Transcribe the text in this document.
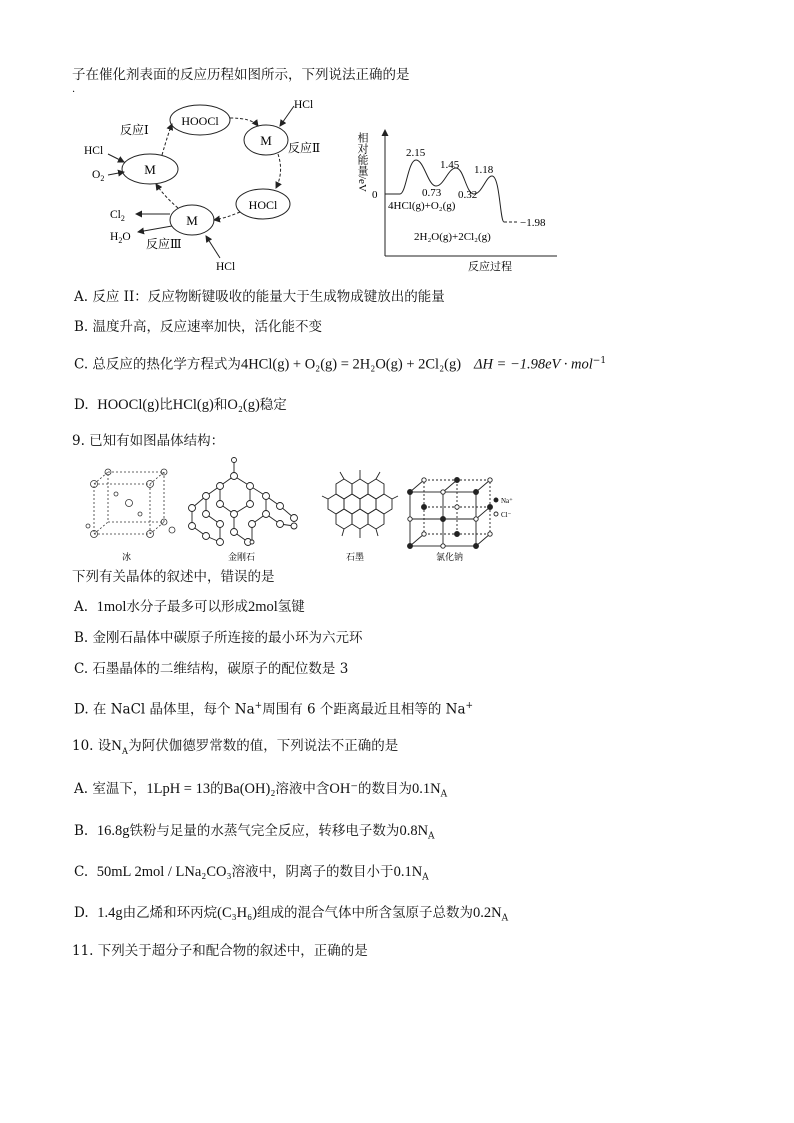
子在催化剂表面的反应历程如图所示，下列说法正确的是
·
M
HOOCl
M
HOCl
M
反应Ⅰ
反应Ⅱ
反应Ⅲ
HCl
$O_2$
HCl
$Cl_2$
$H_2O$
HCl
相对能量/eV
0
2.15
1.45 1.18
0.73 0.32
−1.98
4HCl(g)+O₂(g)
2H₂O(g)+2Cl₂(g)
反应过程
A. 反应 II：反应物断键吸收的能量大于生成物成键放出的能量
B. 温度升高，反应速率加快，活化能不变
C. 总反应的热化学方程式为4HCl(g) + O₂(g) = 2H₂O(g) + 2Cl₂(g) ΔH = −1.98eV · mol$^{-1}$
D. HOOCl(g)比HCl(g)和O₂(g)稳定
9. 已知有如图晶体结构：
Na⁺
Cl⁻
冰	金刚石	石墨	氯化钠
下列有关晶体的叙述中，错误的是
A. 1mol水分子最多可以形成2mol氢键
B. 金刚石晶体中碳原子所连接的最小环为六元环
C. 石墨晶体的二维结构，碳原子的配位数是 3
D. 在 NaCl 晶体里，每个 Na+周围有 6 个距离最近且相等的 Na+
10. 设$N_A$为阿伏伽德罗常数的值，下列说法不正确的是
A. 室温下，1LpH = 13的Ba(OH)₂溶液中含OH⁻的数目为$0.1N_A$
B. 16.8g铁粉与足量的水蒸气完全反应，转移电子数为$0.8N_A$
C. 50mL 2mol / LNa₂CO₃溶液中，阴离子的数目小于$0.1N_A$
D. 1.4g由乙烯和环丙烷(C₃H₆)组成的混合气体中所含氢原子总数为$0.2N_A$
11. 下列关于超分子和配合物的叙述中，正确的是
